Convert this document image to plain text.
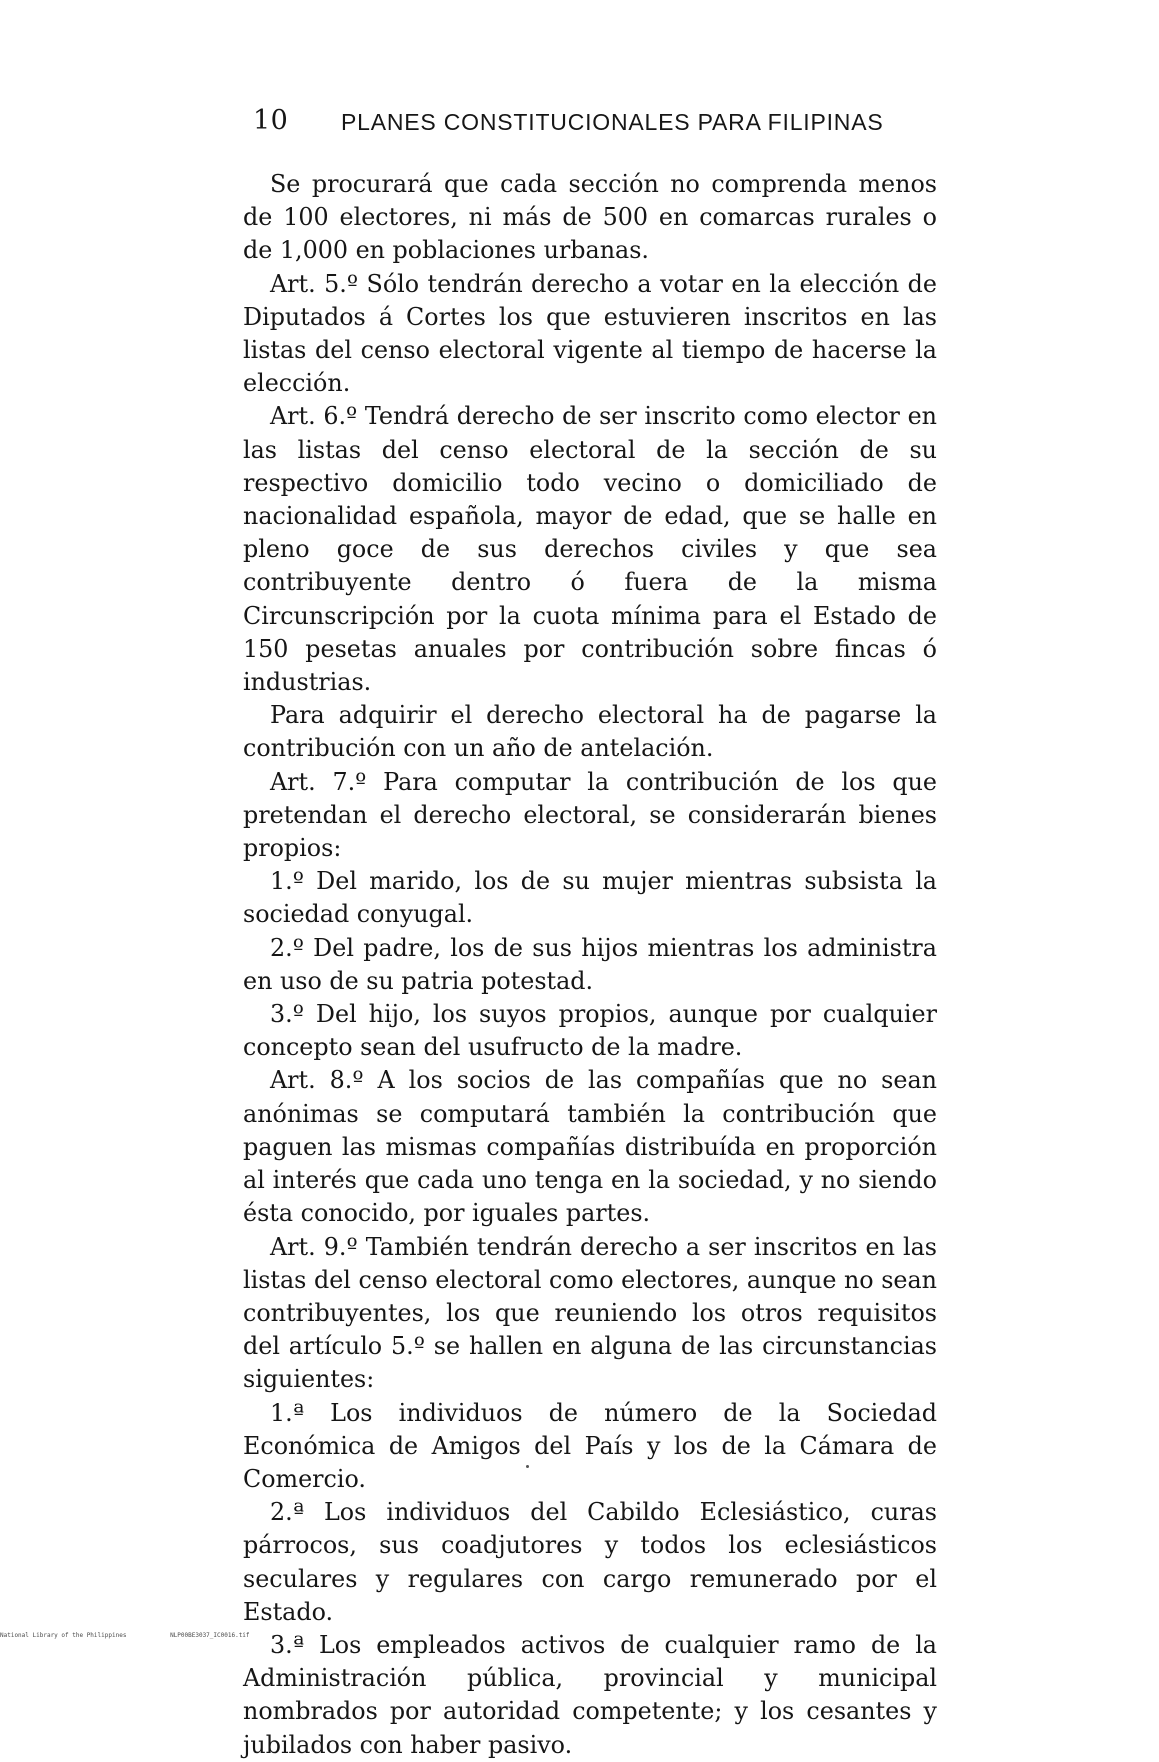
10 PLANES CONSTITUCIONALES PARA FILIPINAS

Se procurará que cada sección no comprenda menos de 100 electores, ni más de 500 en comarcas rurales o de 1,000 en poblaciones urbanas.

Art. 5.º Sólo tendrán derecho a votar en la elección de Diputados á Cortes los que estuvieren inscritos en las listas del censo electoral vigente al tiempo de hacerse la elección.

Art. 6.º Tendrá derecho de ser inscrito como elector en las listas del censo electoral de la sección de su respectivo domicilio todo vecino o domiciliado de nacionalidad española, mayor de edad, que se halle en pleno goce de sus derechos civiles y que sea contribuyente dentro ó fuera de la misma Circunscripción por la cuota mínima para el Estado de 150 pesetas anuales por contribución sobre fincas ó industrias.

Para adquirir el derecho electoral ha de pagarse la contribución con un año de antelación.

Art. 7.º Para computar la contribución de los que pretendan el derecho electoral, se considerarán bienes propios:

1.º Del marido, los de su mujer mientras subsista la sociedad conyugal.

2.º Del padre, los de sus hijos mientras los administra en uso de su patria potestad.

3.º Del hijo, los suyos propios, aunque por cualquier concepto sean del usufructo de la madre.

Art. 8.º A los socios de las compañías que no sean anónimas se computará también la contribución que paguen las mismas compañías distribuída en proporción al interés que cada uno tenga en la sociedad, y no siendo ésta conocido, por iguales partes.

Art. 9.º También tendrán derecho a ser inscritos en las listas del censo electoral como electores, aunque no sean contribuyentes, los que reuniendo los otros requisitos del artículo 5.º se hallen en alguna de las circunstancias siguientes:

1.ª Los individuos de número de la Sociedad Económica de Amigos del País y los de la Cámara de Comercio.

2.ª Los individuos del Cabildo Eclesiástico, curas párrocos, sus coadjutores y todos los eclesiásticos seculares y regulares con cargo remunerado por el Estado.

3.ª Los empleados activos de cualquier ramo de la Administración pública, provincial y municipal nombrados por autoridad competente; y los cesantes y jubilados con haber pasivo.

National Library of the Philippines	NLP00BE3037_IC0016.tif
